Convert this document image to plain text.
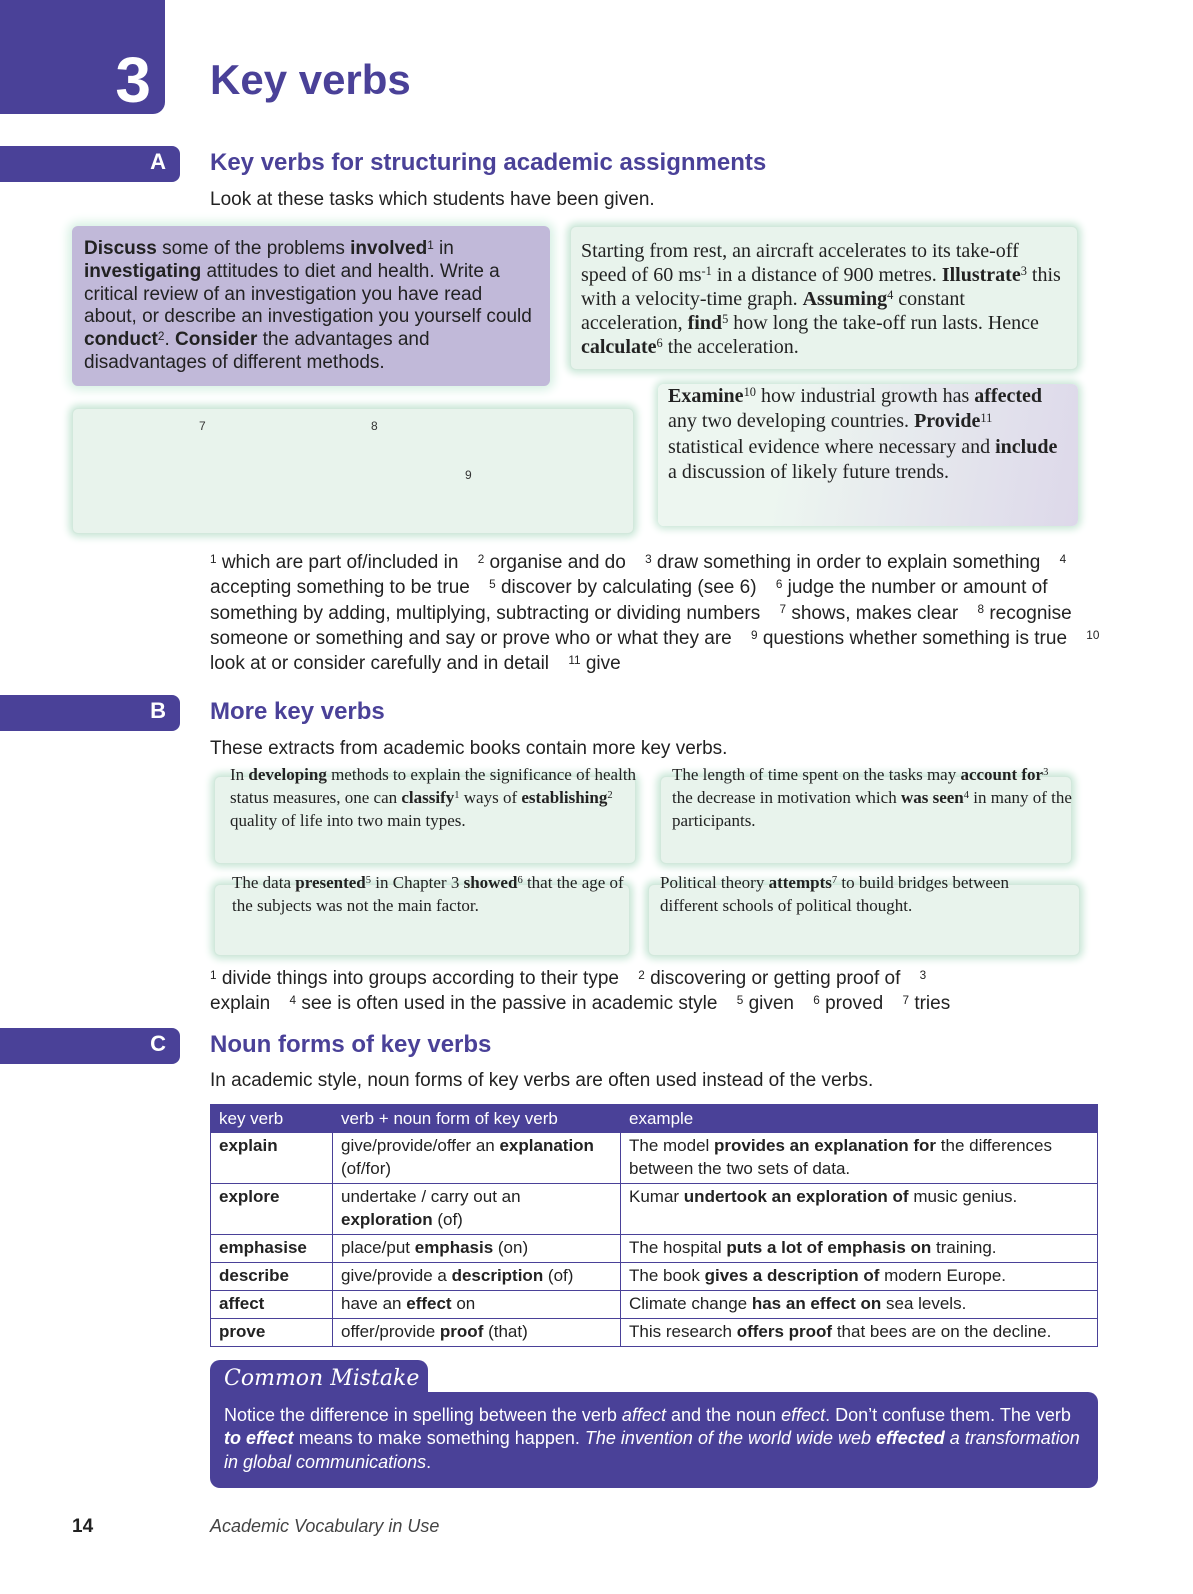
3 Key verbs
A Key verbs for structuring academic assignments
Look at these tasks which students have been given.
Discuss some of the problems involved$^1$ in investigating attitudes to diet and health. Write a critical review of an investigation you have read about, or describe an investigation you yourself could conduct$^2$. Consider the advantages and disadvantages of different methods.
Starting from rest, an aircraft accelerates to its take-off speed of 60 $ms^{-1}$ in a distance of 900 metres. Illustrate$^3$ this with a velocity-time graph. Assuming$^4$ constant acceleration, find$^5$ how long the take-off run lasts. Hence calculate$^6$ the acceleration.
7	8
9
Examine$^{10}$ how industrial growth has affected any two developing countries. Provide$^{11}$ statistical evidence where necessary and include a discussion of likely future trends.
$^1$ which are part of/included in $^2$ organise and do $^3$ draw something in order to explain something $^4$ accepting something to be true $^5$ discover by calculating (see 6) $^6$ judge the number or amount of something by adding, multiplying, subtracting or dividing numbers $^7$ shows, makes clear $^8$ recognise someone or something and say or prove who or what they are $^9$ questions whether something is true $^{10}$ look at or consider carefully and in detail $^{11}$ give
B More key verbs
These extracts from academic books contain more key verbs.
In developing methods to explain the significance of health status measures, one can classify$^1$ ways of establishing$^2$ quality of life into two main types.
The length of time spent on the tasks may account for$^3$ the decrease in motivation which was seen$^4$ in many of the participants.
The data presented$^5$ in Chapter 3 showed$^6$ that the age of the subjects was not the main factor.
Political theory attempts$^7$ to build bridges between different schools of political thought.
$^1$ divide things into groups according to their type $^2$ discovering or getting proof of $^3$ explain $^4$ see is often used in the passive in academic style $^5$ given $^6$ proved $^7$ tries
C Noun forms of key verbs
In academic style, noun forms of key verbs are often used instead of the verbs.
key verb	verb + noun form of key verb	example
explain	give/provide/offer an explanation (of/for)	The model provides an explanation for the differences between the two sets of data.
explore	undertake / carry out an exploration (of)	Kumar undertook an exploration of music genius.
emphasise	place/put emphasis (on)	The hospital puts a lot of emphasis on training.
describe	give/provide a description (of)	The book gives a description of modern Europe.
affect	have an effect on	Climate change has an effect on sea levels.
prove	offer/provide proof (that)	This research offers proof that bees are on the decline.
Common Mistake
Notice the difference in spelling between the verb affect and the noun effect. Don’t confuse them. The verb to effect means to make something happen. The invention of the world wide web effected a transformation in global communications.
14	Academic Vocabulary in Use
